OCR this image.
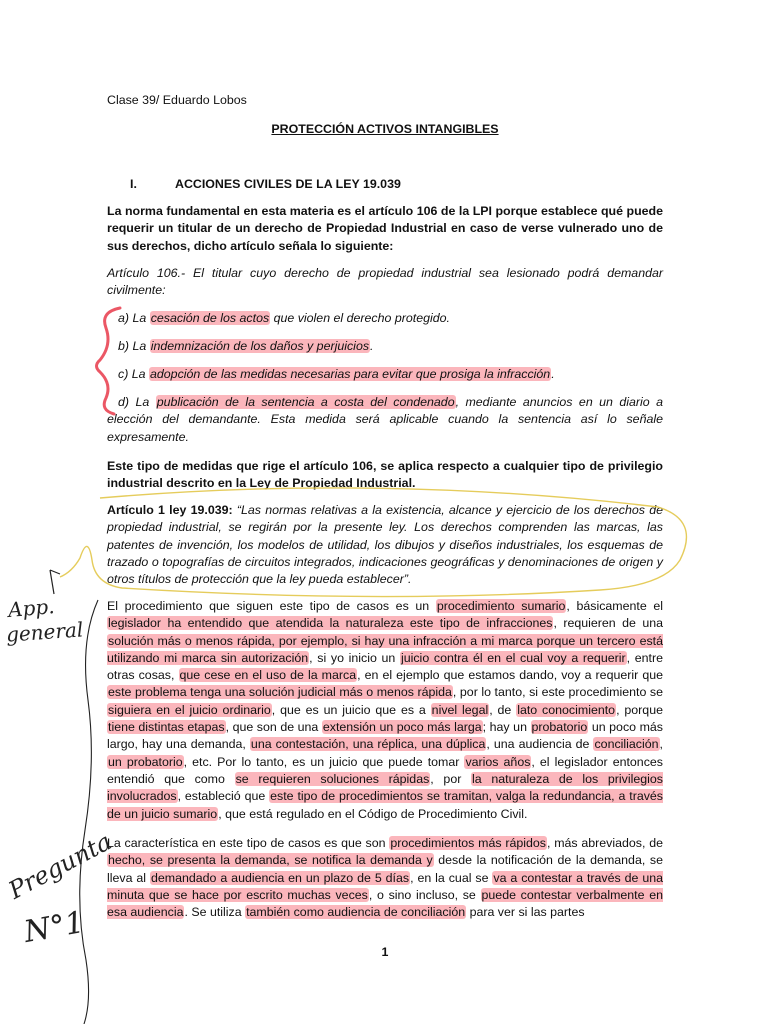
Clase 39/ Eduardo Lobos
PROTECCIÓN ACTIVOS INTANGIBLES
I.	ACCIONES CIVILES DE LA LEY 19.039
La norma fundamental en esta materia es el artículo 106 de la LPI porque establece qué puede requerir un titular de un derecho de Propiedad Industrial en caso de verse vulnerado uno de sus derechos, dicho artículo señala lo siguiente:
Artículo 106.- El titular cuyo derecho de propiedad industrial sea lesionado podrá demandar civilmente:
a) La cesación de los actos que violen el derecho protegido.
b) La indemnización de los daños y perjuicios.
c) La adopción de las medidas necesarias para evitar que prosiga la infracción.
d) La publicación de la sentencia a costa del condenado, mediante anuncios en un diario a elección del demandante. Esta medida será aplicable cuando la sentencia así lo señale expresamente.
Este tipo de medidas que rige el artículo 106, se aplica respecto a cualquier tipo de privilegio industrial descrito en la Ley de Propiedad Industrial.
Artículo 1 ley 19.039: “Las normas relativas a la existencia, alcance y ejercicio de los derechos de propiedad industrial, se regirán por la presente ley. Los derechos comprenden las marcas, las patentes de invención, los modelos de utilidad, los dibujos y diseños industriales, los esquemas de trazado o topografías de circuitos integrados, indicaciones geográficas y denominaciones de origen y otros títulos de protección que la ley pueda establecer”.
El procedimiento que siguen este tipo de casos es un procedimiento sumario, básicamente el legislador ha entendido que atendida la naturaleza este tipo de infracciones, requieren de una solución más o menos rápida, por ejemplo, si hay una infracción a mi marca porque un tercero está utilizando mi marca sin autorización, si yo inicio un juicio contra él en el cual voy a requerir, entre otras cosas, que cese en el uso de la marca, en el ejemplo que estamos dando, voy a requerir que este problema tenga una solución judicial más o menos rápida, por lo tanto, si este procedimiento se siguiera en el juicio ordinario, que es un juicio que es a nivel legal, de lato conocimiento, porque tiene distintas etapas, que son de una extensión un poco más larga; hay un probatorio un poco más largo, hay una demanda, una contestación, una réplica, una dúplica, una audiencia de conciliación, un probatorio, etc. Por lo tanto, es un juicio que puede tomar varios años, el legislador entonces entendió que como se requieren soluciones rápidas, por la naturaleza de los privilegios involucrados, estableció que este tipo de procedimientos se tramitan, valga la redundancia, a través de un juicio sumario, que está regulado en el Código de Procedimiento Civil.
La característica en este tipo de casos es que son procedimientos más rápidos, más abreviados, de hecho, se presenta la demanda, se notifica la demanda y desde la notificación de la demanda, se lleva al demandado a audiencia en un plazo de 5 días, en la cual se va a contestar a través de una minuta que se hace por escrito muchas veces, o sino incluso, se puede contestar verbalmente en esa audiencia. Se utiliza también como audiencia de conciliación para ver si las partes
1
App.
general
Pregunta
N°1
